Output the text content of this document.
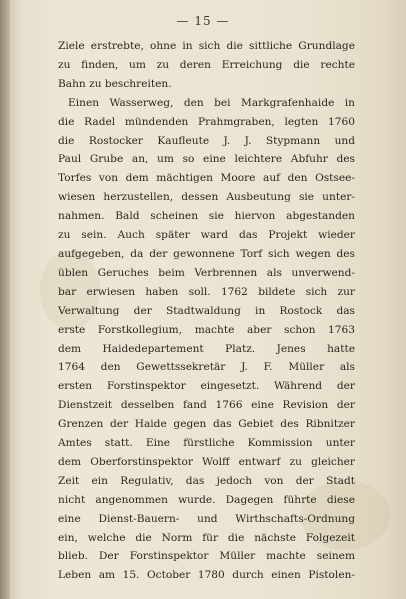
— 15 —
Ziele erstrebte, ohne in sich die sittliche Grundlage
zu finden, um zu deren Erreichung die rechte
Bahn zu beschreiten.
Einen Wasserweg, den bei Markgrafenhaide in
die Radel mündenden Prahmgraben, legten 1760
die Rostocker Kaufleute J. J. Stypmann und
Paul Grube an, um so eine leichtere Abfuhr des
Torfes von dem mächtigen Moore auf den Ostsee-
wiesen herzustellen, dessen Ausbeutung sie unter-
nahmen. Bald scheinen sie hiervon abgestanden
zu sein. Auch später ward das Projekt wieder
aufgegeben, da der gewonnene Torf sich wegen des
üblen Geruches beim Verbrennen als unverwend-
bar erwiesen haben soll. 1762 bildete sich zur
Verwaltung der Stadtwaldung in Rostock das
erste Forstkollegium, machte aber schon 1763
dem Haidedepartement Platz. Jenes hatte
1764 den Gewettssekretär J. F. Müller als
ersten Forstinspektor eingesetzt. Während der
Dienstzeit desselben fand 1766 eine Revision der
Grenzen der Haide gegen das Gebiet des Ribnitzer
Amtes statt. Eine fürstliche Kommission unter
dem Oberforstinspektor Wolff entwarf zu gleicher
Zeit ein Regulativ, das jedoch von der Stadt
nicht angenommen wurde. Dagegen führte diese
eine Dienst-Bauern- und Wirthschafts-Ordnung
ein, welche die Norm für die nächste Folgezeit
blieb. Der Forstinspektor Müller machte seinem
Leben am 15. October 1780 durch einen Pistolen-
